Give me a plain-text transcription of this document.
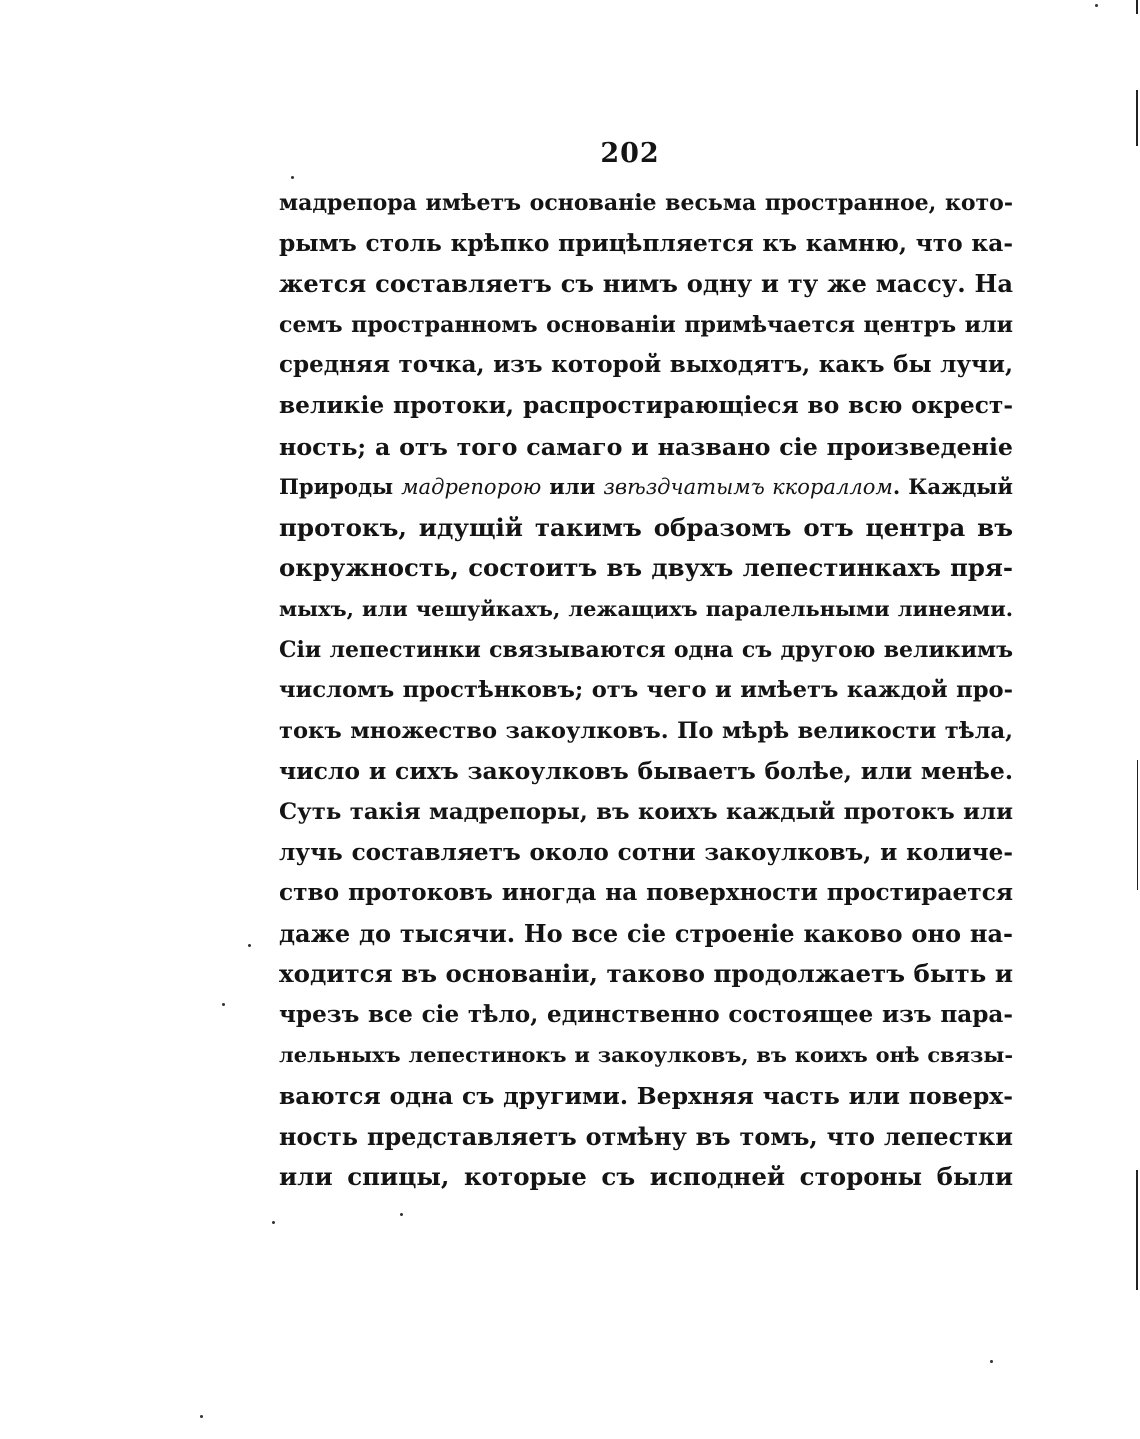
202
мадрепора имѣетъ основаніе весьма пространное, кото-
рымъ столь крѣпко прицѣпляется къ камню, что ка-
жется составляетъ съ нимъ одну и ту же массу. На
семъ пространномъ основаніи примѣчается центръ или
средняя точка, изъ которой выходятъ, какъ бы лучи,
великіе протоки, распростирающіеся во всю окрест-
ность; а отъ того самаго и названо сіе произведеніе
Природы мадрепорою или звѣздчатымъ ккораллом. Каждый
протокъ, идущій такимъ образомъ отъ центра въ
окружность, состоитъ въ двухъ лепестинкахъ пря-
мыхъ, или чешуйкахъ, лежащихъ паралельными линеями.
Сіи лепестинки связываются одна съ другою великимъ
числомъ простѣнковъ; отъ чего и имѣетъ каждой про-
токъ множество закоулковъ. По мѣрѣ великости тѣла,
число и сихъ закоулковъ бываетъ болѣе, или менѣе.
Суть такія мадрепоры, въ коихъ каждый протокъ или
лучь составляетъ около сотни закоулковъ, и количе-
ство протоковъ иногда на поверхности простирается
даже до тысячи. Но все сіе строеніе каково оно на-
ходится въ основаніи, таково продолжаетъ быть и
чрезъ все сіе тѣло, единственно состоящее изъ пара-
лельныхъ лепестинокъ и закоулковъ, въ коихъ онѣ связы-
ваются одна съ другими. Верхняя часть или поверх-
ность представляетъ отмѣну въ томъ, что лепестки
или спицы, которые съ исподней стороны были
